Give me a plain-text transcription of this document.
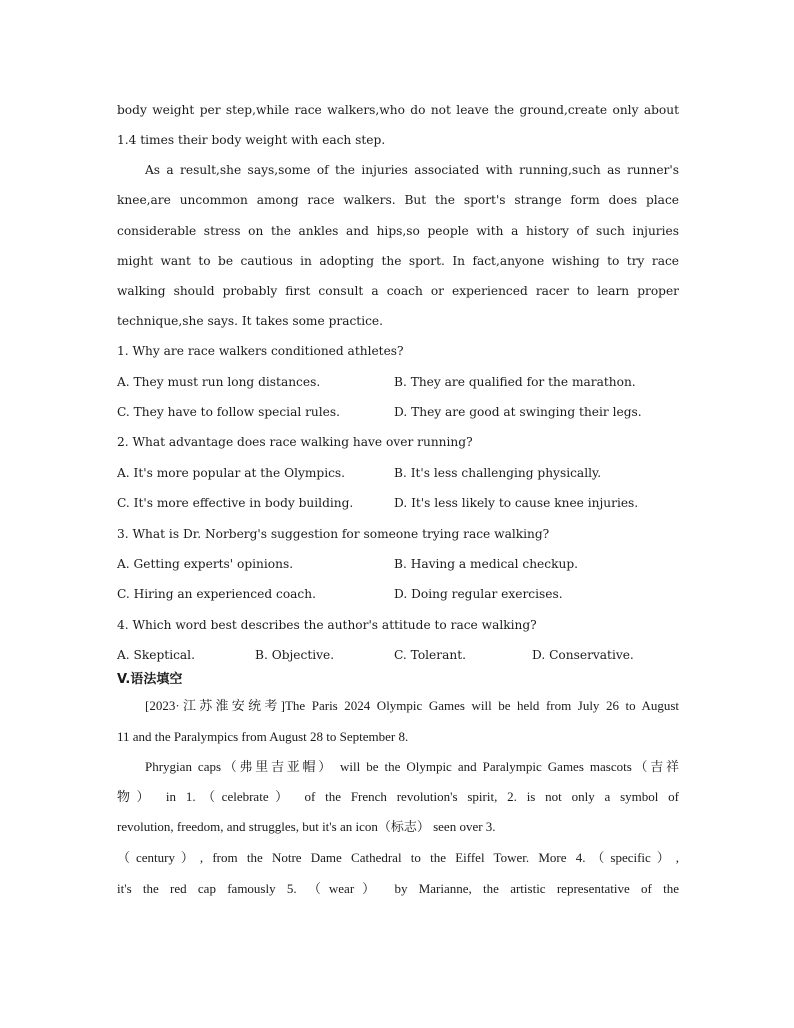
body weight per step,while race walkers,who do not leave the ground,create only about
1.4 times their body weight with each step.
As a result,she says,some of the injuries associated with running,such as runner's
knee,are uncommon among race walkers. But the sport's strange form does place
considerable stress on the ankles and hips,so people with a history of such injuries
might want to be cautious in adopting the sport. In fact,anyone wishing to try race
walking should probably first consult a coach or experienced racer to learn proper
technique,she says. It takes some practice.
1. Why are race walkers conditioned athletes?
A. They must run long distances.	B. They are qualified for the marathon.
C. They have to follow special rules.	D. They are good at swinging their legs.
2. What advantage does race walking have over running?
A. It's more popular at the Olympics.	B. It's less challenging physically.
C. It's more effective in body building.	D. It's less likely to cause knee injuries.
3. What is Dr. Norberg's suggestion for someone trying race walking?
A. Getting experts' opinions.	B. Having a medical checkup.
C. Hiring an experienced coach.	D. Doing regular exercises.
4. Which word best describes the author's attitude to race walking?
A. Skeptical.	B. Objective.	C. Tolerant.	D. Conservative.
V.语法填空
[2023·江苏淮安统考]The Paris 2024 Olympic Games will be held from July 26 to August
11 and the Paralympics from August 28 to September 8.
Phrygian caps（弗里吉亚帽） will be the Olympic and Paralympic Games mascots（吉祥
物） in 1.（celebrate） of the French revolution's spirit, 2. is not only a symbol of
revolution, freedom, and struggles, but it's an icon（标志） seen over 3.
（century）, from the Notre Dame Cathedral to the Eiffel Tower. More 4.（specific）,
it's the red cap famously 5. （wear） by Marianne, the artistic representative of the
